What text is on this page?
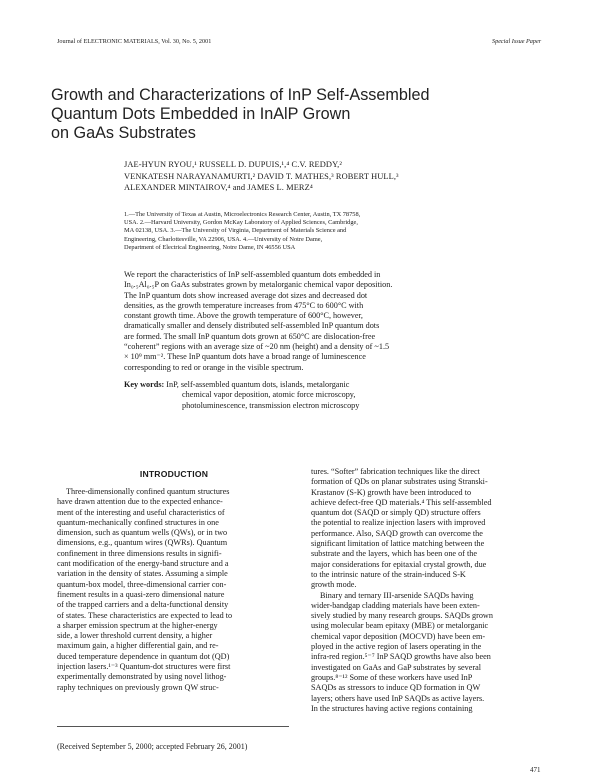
Journal of ELECTRONIC MATERIALS, Vol. 30, No. 5, 2001	Special Issue Paper
Growth and Characterizations of InP Self-Assembled
Quantum Dots Embedded in InAlP Grown
on GaAs Substrates
JAE-HYUN RYOU,¹ RUSSELL D. DUPUIS,¹,⁴ C.V. REDDY,²
VENKATESH NARAYANAMURTI,² DAVID T. MATHES,³ ROBERT HULL,³
ALEXANDER MINTAIROV,⁴ and JAMES L. MERZ⁴
1.—The University of Texas at Austin, Microelectronics Research Center, Austin, TX 78758,
USA. 2.—Harvard University, Gordon McKay Laboratory of Applied Sciences, Cambridge,
MA 02138, USA. 3.—The University of Virginia, Department of Materials Science and
Engineering, Charlottesville, VA 22906, USA. 4.—University of Notre Dame,
Department of Electrical Engineering, Notre Dame, IN 46556 USA
We report the characteristics of InP self-assembled quantum dots embedded in
In₀.₅Al₀.₅P on GaAs substrates grown by metalorganic chemical vapor deposition.
The InP quantum dots show increased average dot sizes and decreased dot
densities, as the growth temperature increases from 475°C to 600°C with
constant growth time. Above the growth temperature of 600°C, however,
dramatically smaller and densely distributed self-assembled InP quantum dots
are formed. The small InP quantum dots grown at 650°C are dislocation-free
“coherent” regions with an average size of ~20 nm (height) and a density of ~1.5
× 10⁹ mm⁻². These InP quantum dots have a broad range of luminescence
corresponding to red or orange in the visible spectrum.
Key words: InP, self-assembled quantum dots, islands, metalorganic
chemical vapor deposition, atomic force microscopy,
photoluminescence, transmission electron microscopy
INTRODUCTION
Three-dimensionally confined quantum structures
have drawn attention due to the expected enhance-
ment of the interesting and useful characteristics of
quantum-mechanically confined structures in one
dimension, such as quantum wells (QWs), or in two
dimensions, e.g., quantum wires (QWRs). Quantum
confinement in three dimensions results in signifi-
cant modification of the energy-band structure and a
variation in the density of states. Assuming a simple
quantum-box model, three-dimensional carrier con-
finement results in a quasi-zero dimensional nature
of the trapped carriers and a delta-functional density
of states. These characteristics are expected to lead to
a sharper emission spectrum at the higher-energy
side, a lower threshold current density, a higher
maximum gain, a higher differential gain, and re-
duced temperature dependence in quantum dot (QD)
injection lasers.¹⁻³ Quantum-dot structures were first
experimentally demonstrated by using novel lithog-
raphy techniques on previously grown QW struc-
tures. “Softer” fabrication techniques like the direct
formation of QDs on planar substrates using Stranski-
Krastanov (S-K) growth have been introduced to
achieve defect-free QD materials.⁴ This self-assembled
quantum dot (SAQD or simply QD) structure offers
the potential to realize injection lasers with improved
performance. Also, SAQD growth can overcome the
significant limitation of lattice matching between the
substrate and the layers, which has been one of the
major considerations for epitaxial crystal growth, due
to the intrinsic nature of the strain-induced S-K
growth mode.
Binary and ternary III-arsenide SAQDs having
wider-bandgap cladding materials have been exten-
sively studied by many research groups. SAQDs grown
using molecular beam epitaxy (MBE) or metalorganic
chemical vapor deposition (MOCVD) have been em-
ployed in the active region of lasers operating in the
infra-red region.⁵⁻⁷ InP SAQD growths have also been
investigated on GaAs and GaP substrates by several
groups.⁸⁻¹² Some of these workers have used InP
SAQDs as stressors to induce QD formation in QW
layers; others have used InP SAQDs as active layers.
In the structures having active regions containing
(Received September 5, 2000; accepted February 26, 2001)
471
